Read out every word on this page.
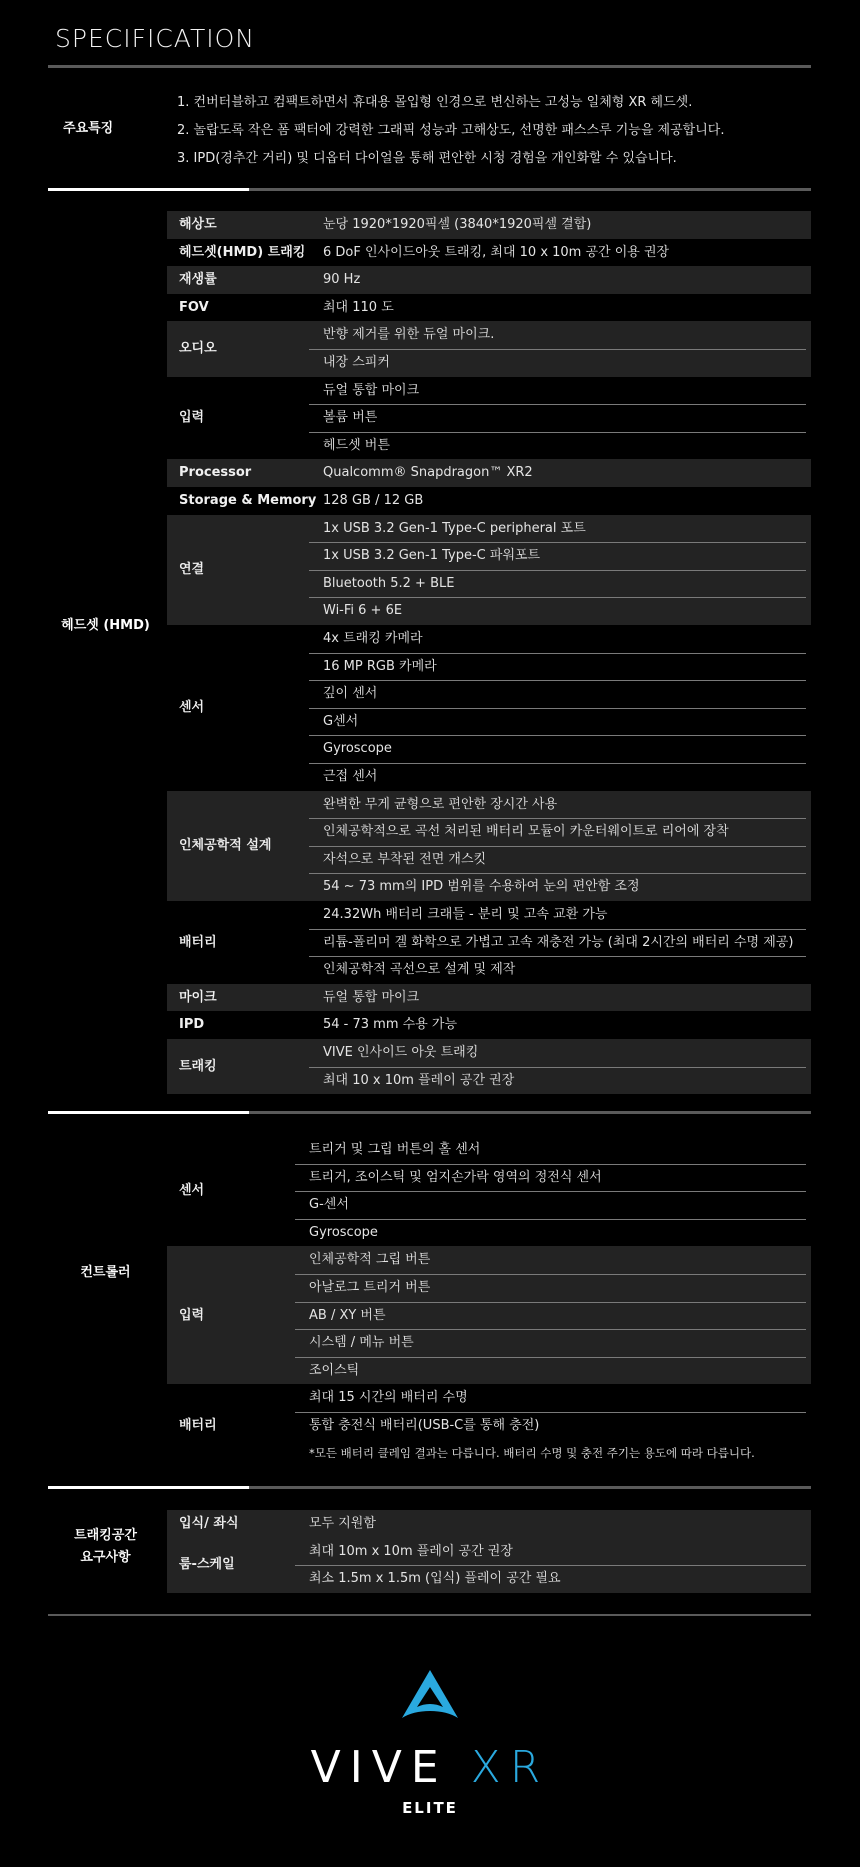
SPECIFICATION
주요특징
1. 컨버터블하고 컴팩트하면서 휴대용 몰입형 인경으로 변신하는 고성능 일체형 XR 헤드셋.
2. 놀랍도록 작은 폼 팩터에 강력한 그래픽 성능과 고해상도, 선명한 패스스루 기능을 제공합니다.
3. IPD(경추간 거리) 및 디옵터 다이얼을 통해 편안한 시청 경험을 개인화할 수 있습니다.
헤드셋 (HMD)
해상도
헤드셋(HMD) 트래킹
재생률
FOV
오디오
입력
Processor
Storage & Memory
연결
센서
인체공학적 설계
배터리
마이크
IPD
트래킹
눈당 1920*1920픽셀 (3840*1920픽셀 결합)
6 DoF 인사이드아웃 트래킹, 최대 10 x 10m 공간 이용 권장
90 Hz
최대 110 도
반향 제거를 위한 듀얼 마이크.
내장 스피커
듀얼 통합 마이크
볼륨 버튼
헤드셋 버튼
Qualcomm® Snapdragon™ XR2
128 GB / 12 GB
1x USB 3.2 Gen-1 Type-C peripheral 포트
1x USB 3.2 Gen-1 Type-C 파워포트
Bluetooth 5.2 + BLE
Wi-Fi 6 + 6E
4x 트래킹 카메라
16 MP RGB 카메라
깊이 센서
G센서
Gyroscope
근접 센서
완벽한 무게 균형으로 편안한 장시간 사용
인체공학적으로 곡선 처리된 배터리 모듈이 카운터웨이트로 리어에 장착
자석으로 부착된 전면 개스킷
54 ~ 73 mm의 IPD 범위를 수용하여 눈의 편안함 조정
24.32Wh 배터리 크래들 - 분리 및 고속 교환 가능
리튬-폴리머 겔 화학으로 가볍고 고속 재충전 가능 (최대 2시간의 배터리 수명 제공)
인체공학적 곡선으로 설계 및 제작
듀얼 통합 마이크
54 - 73 mm 수용 가능
VIVE 인사이드 아웃 트래킹
최대 10 x 10m 플레이 공간 권장
컨트롤러
센서
입력
배터리
트리거 및 그립 버튼의 홀 센서
트리거, 조이스틱 및 엄지손가락 영역의 정전식 센서
G-센서
Gyroscope
인체공학적 그립 버튼
아날로그 트리거 버튼
AB / XY 버튼
시스템 / 메뉴 버튼
조이스틱
최대 15 시간의 배터리 수명
통합 충전식 배터리(USB-C를 통해 충전)
*모든 배터리 클레임 결과는 다릅니다. 배터리 수명 및 충전 주기는 용도에 따라 다릅니다.
트래킹공간
요구사항
입식/ 좌식
룸-스케일
모두 지원함
최대 10m x 10m 플레이 공간 권장
최소 1.5m x 1.5m (입식) 플레이 공간 필요
VIVE XR
ELITE
